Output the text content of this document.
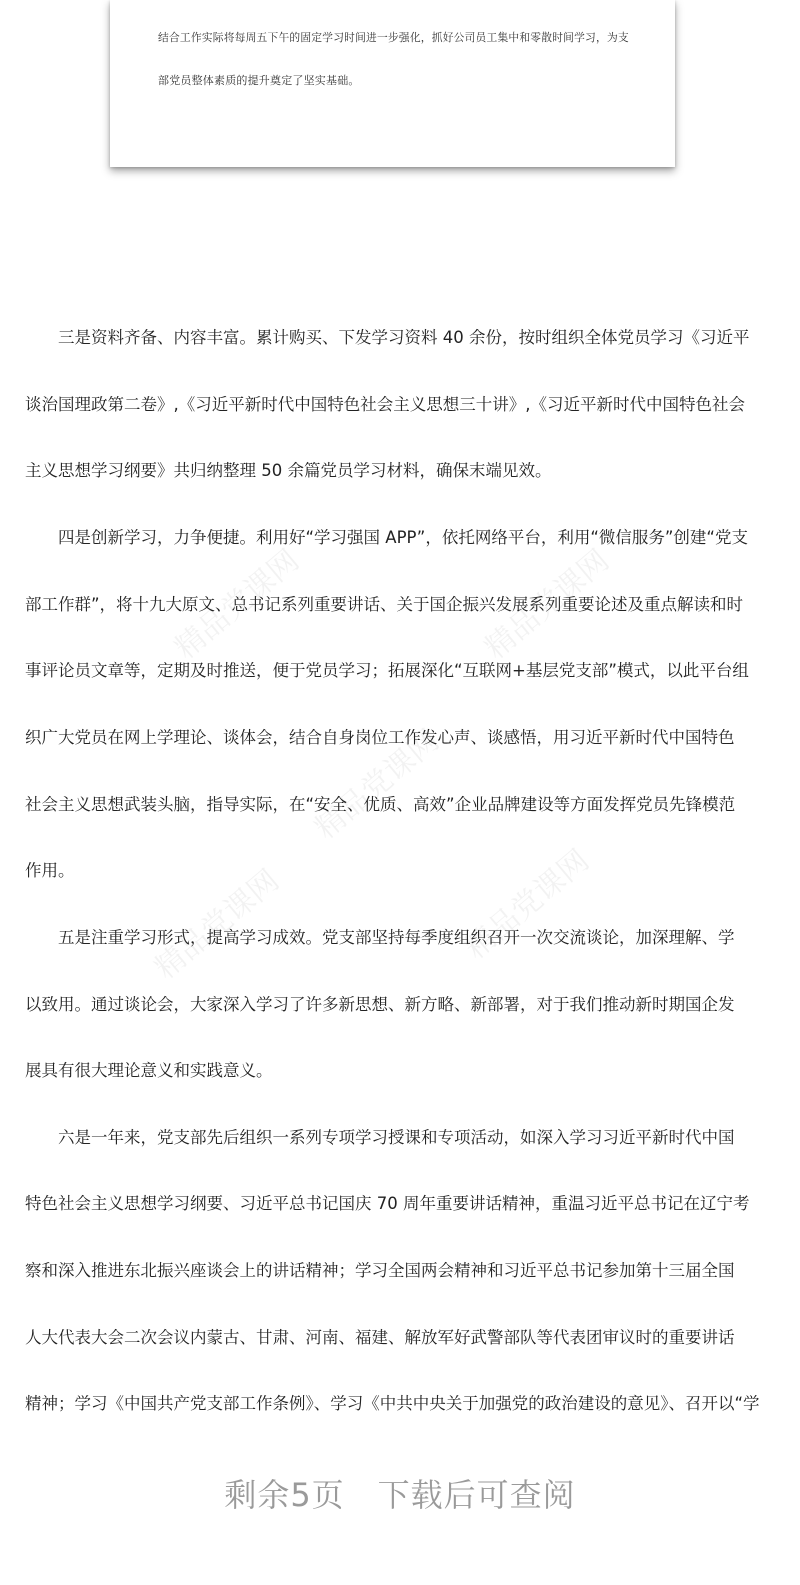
结合工作实际将每周五下午的固定学习时间进一步强化，抓好公司员工集中和零散时间学习，为支
部党员整体素质的提升奠定了坚实基础。
精品党课网	精品党课网
精品党课网
精品党课网	精品党课网
三是资料齐备、内容丰富。累计购买、下发学习资料 40 余份，按时组织全体党员学习《习近平
谈治国理政第二卷》,《习近平新时代中国特色社会主义思想三十讲》,《习近平新时代中国特色社会
主义思想学习纲要》共归纳整理 50 余篇党员学习材料，确保末端见效。
四是创新学习，力争便捷。利用好“学习强国 APP”，依托网络平台，利用“微信服务”创建“党支
部工作群”，将十九大原文、总书记系列重要讲话、关于国企振兴发展系列重要论述及重点解读和时
事评论员文章等，定期及时推送，便于党员学习；拓展深化“互联网+基层党支部”模式，以此平台组
织广大党员在网上学理论、谈体会，结合自身岗位工作发心声、谈感悟，用习近平新时代中国特色
社会主义思想武装头脑，指导实际，在“安全、优质、高效”企业品牌建设等方面发挥党员先锋模范
作用。
五是注重学习形式，提高学习成效。党支部坚持每季度组织召开一次交流谈论，加深理解、学
以致用。通过谈论会，大家深入学习了许多新思想、新方略、新部署，对于我们推动新时期国企发
展具有很大理论意义和实践意义。
六是一年来，党支部先后组织一系列专项学习授课和专项活动，如深入学习习近平新时代中国
特色社会主义思想学习纲要、习近平总书记国庆 70 周年重要讲话精神，重温习近平总书记在辽宁考
察和深入推进东北振兴座谈会上的讲话精神；学习全国两会精神和习近平总书记参加第十三届全国
人大代表大会二次会议内蒙古、甘肃、河南、福建、解放军好武警部队等代表团审议时的重要讲话
精神；学习《中国共产党支部工作条例》、学习《中共中央关于加强党的政治建设的意见》、召开以“学
剩余5页　下载后可查阅
